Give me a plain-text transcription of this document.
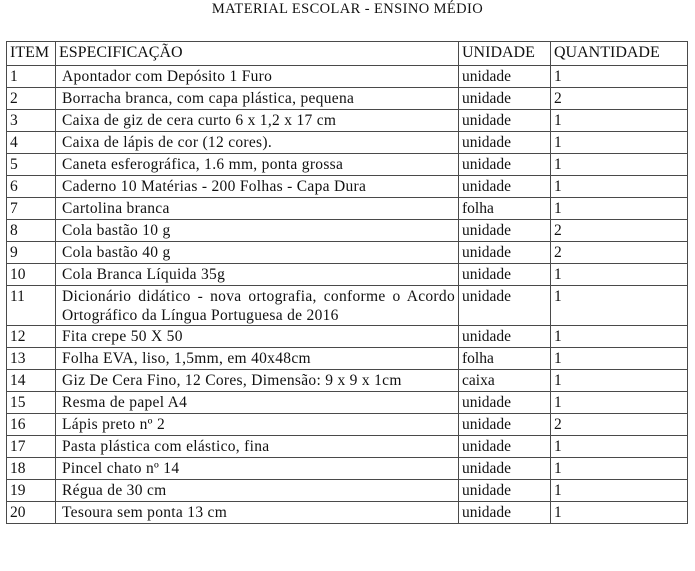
MATERIAL ESCOLAR - ENSINO MÉDIO
ITEM	ESPECIFICAÇÃO	UNIDADE	QUANTIDADE
1	Apontador com Depósito 1 Furo	unidade	1
2	Borracha branca, com capa plástica, pequena	unidade	2
3	Caixa de giz de cera curto 6 x 1,2 x 17 cm	unidade	1
4	Caixa de lápis de cor (12 cores).	unidade	1
5	Caneta esferográfica, 1.6 mm, ponta grossa	unidade	1
6	Caderno 10 Matérias - 200 Folhas - Capa Dura	unidade	1
7	Cartolina branca	folha	1
8	Cola bastão 10 g	unidade	2
9	Cola bastão 40 g	unidade	2
10	Cola Branca Líquida 35g	unidade	1
11	Dicionário didático - nova ortografia, conforme o Acordo Ortográfico da Língua Portuguesa de 2016	unidade	1
12	Fita crepe 50 X 50	unidade	1
13	Folha EVA, liso, 1,5mm, em 40x48cm	folha	1
14	Giz De Cera Fino, 12 Cores, Dimensão: 9 x 9 x 1cm	caixa	1
15	Resma de papel A4	unidade	1
16	Lápis preto nº 2	unidade	2
17	Pasta plástica com elástico, fina	unidade	1
18	Pincel chato nº 14	unidade	1
19	Régua de 30 cm	unidade	1
20	Tesoura sem ponta 13 cm	unidade	1
